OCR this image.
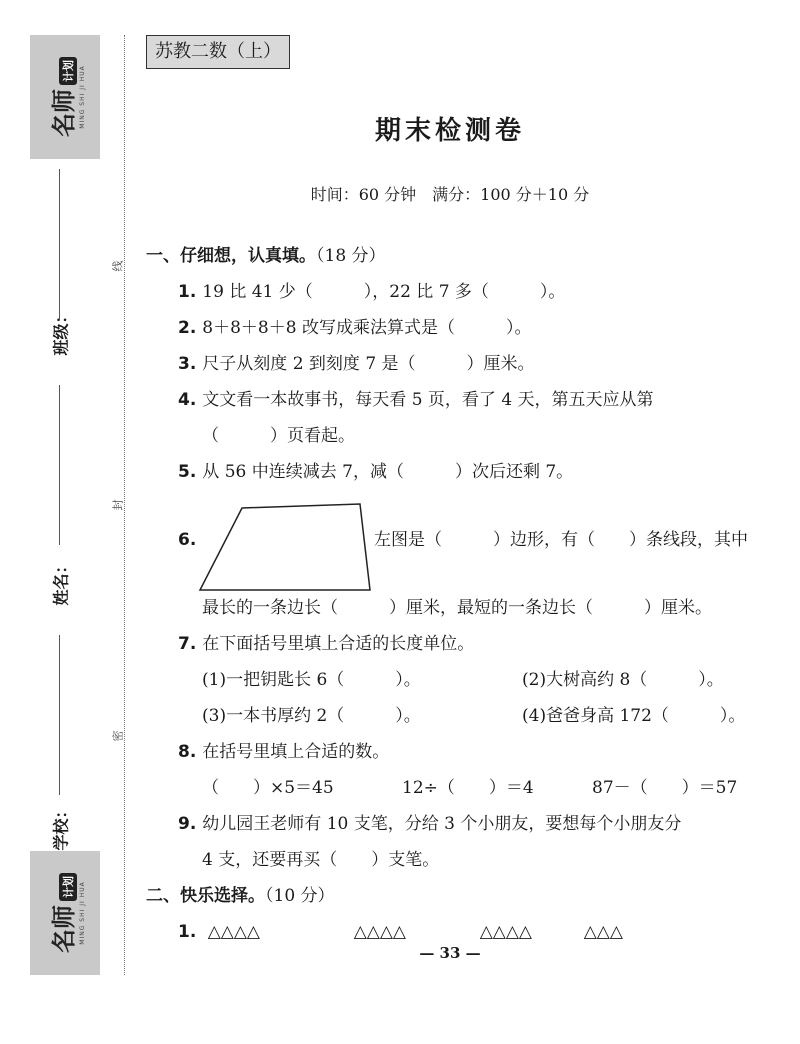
名师计划 MING SHI JI HUA
班级：
姓名：
学校：
名师计划 MING SHI JI HUA
线
封
密
苏教二数（上）
期末检测卷
时间：60 分钟　满分：100 分＋10 分
一、仔细想，认真填。（18 分）
1. 19 比 41 少（　　　），22 比 7 多（　　　）。
2. 8＋8＋8＋8 改写成乘法算式是（　　　）。
3. 尺子从刻度 2 到刻度 7 是（　　　）厘米。
4. 文文看一本故事书，每天看 5 页，看了 4 天，第五天应从第
（　　　）页看起。
5. 从 56 中连续减去 7，减（　　　）次后还剩 7。
6.	左图是（　　　）边形，有（　　）条线段，其中
最长的一条边长（　　　）厘米，最短的一条边长（　　　）厘米。
7. 在下面括号里填上合适的长度单位。
(1)一把钥匙长 6（　　　）。	(2)大树高约 8（　　　）。
(3)一本书厚约 2（　　　）。	(4)爸爸身高 172（　　　）。
8. 在括号里填上合适的数。
（　　）×5＝45	12÷（　　）＝4	87－（　　）＝57
9. 幼儿园王老师有 10 支笔，分给 3 个小朋友，要想每个小朋友分
4 支，还要再买（　　）支笔。
二、快乐选择。（10 分）
1. △△△△	△△△△	△△△△	△△△
— 33 —
